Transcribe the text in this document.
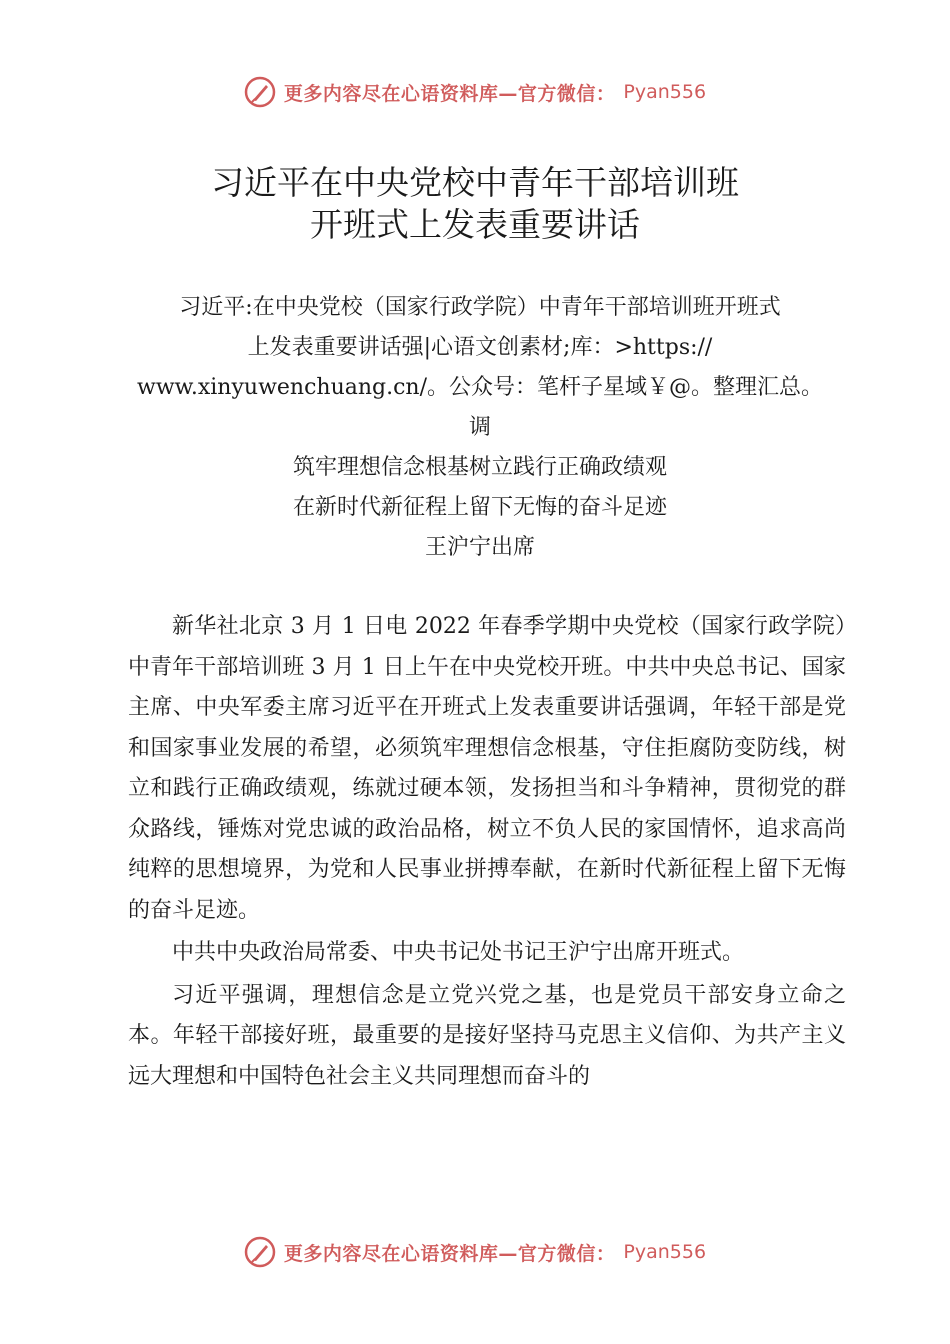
更多内容尽在心语资料库—官方微信： Pyan556
习近平在中央党校中青年干部培训班
开班式上发表重要讲话
习近平:在中央党校（国家行政学院）中青年干部培训班开班式
上发表重要讲话强|心语文创素材;库：>https://
www.xinyuwenchuang.cn/。公众号：笔杆子星域￥@。整理汇总。
调
筑牢理想信念根基树立践行正确政绩观
在新时代新征程上留下无悔的奋斗足迹
王沪宁出席

新华社北京 3 月 1 日电 2022 年春季学期中央党校（国家行政学院）中青年干部培训班 3 月 1 日上午在中央党校开班。中共中央总书记、国家主席、中央军委主席习近平在开班式上发表重要讲话强调，年轻干部是党和国家事业发展的希望，必须筑牢理想信念根基，守住拒腐防变防线，树立和践行正确政绩观，练就过硬本领，发扬担当和斗争精神，贯彻党的群众路线，锤炼对党忠诚的政治品格，树立不负人民的家国情怀，追求高尚纯粹的思想境界，为党和人民事业拼搏奉献，在新时代新征程上留下无悔的奋斗足迹。

中共中央政治局常委、中央书记处书记王沪宁出席开班式。

习近平强调，理想信念是立党兴党之基，也是党员干部安身立命之本。年轻干部接好班，最重要的是接好坚持马克思主义信仰、为共产主义远大理想和中国特色社会主义共同理想而奋斗的

更多内容尽在心语资料库—官方微信： Pyan556
